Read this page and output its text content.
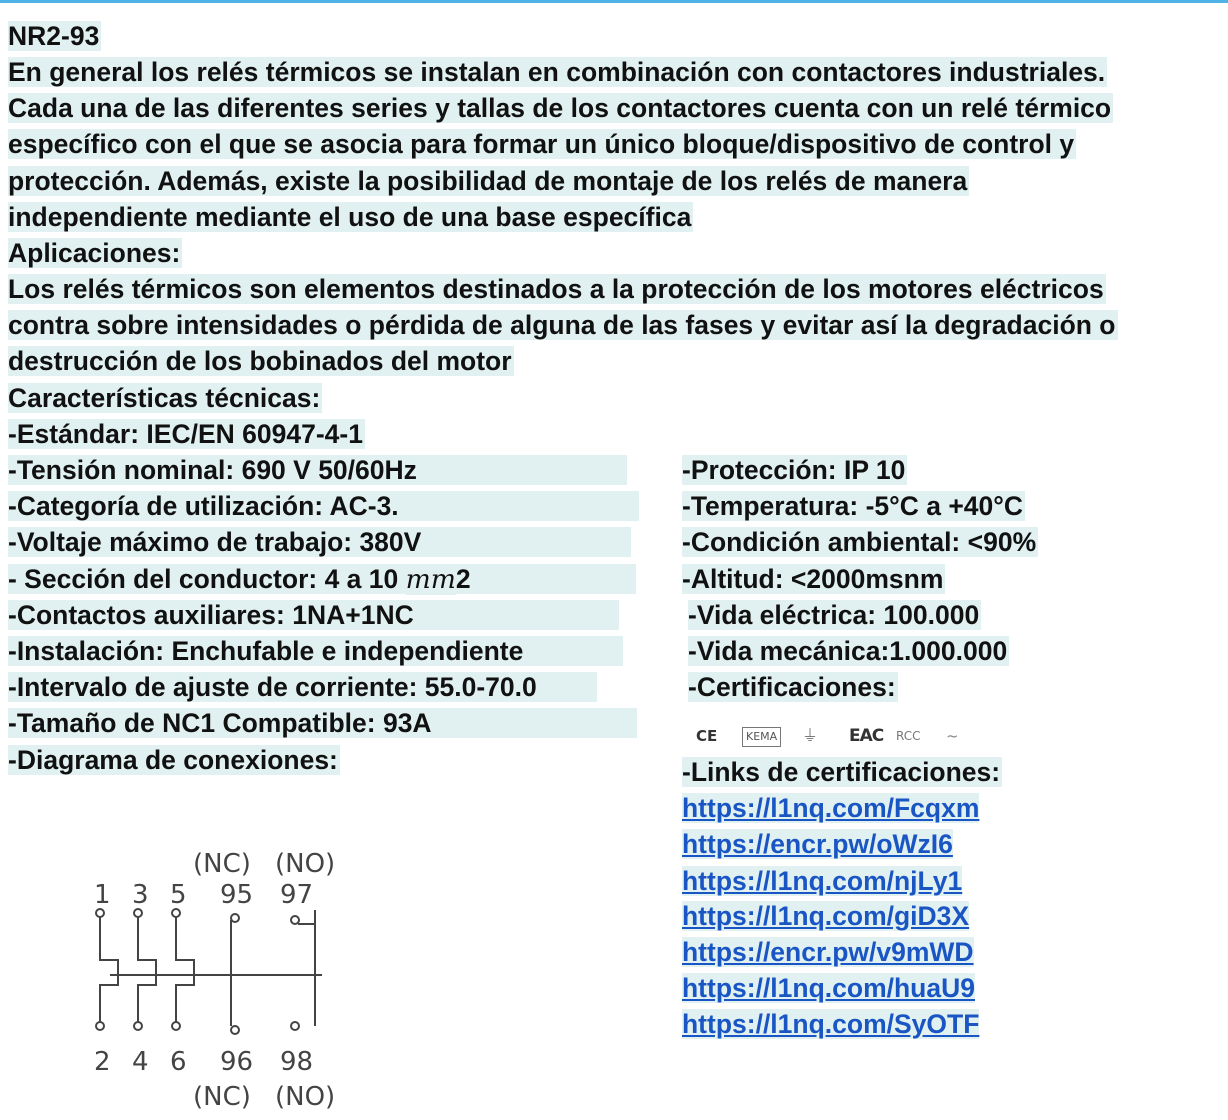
NR2-93
En general los relés térmicos se instalan en combinación con contactores industriales.
Cada una de las diferentes series y tallas de los contactores cuenta con un relé térmico
específico con el que se asocia para formar un único bloque/dispositivo de control y
protección. Además, existe la posibilidad de montaje de los relés de manera
independiente mediante el uso de una base específica
Aplicaciones:
Los relés térmicos son elementos destinados a la protección de los motores eléctricos
contra sobre intensidades o pérdida de alguna de las fases y evitar así la degradación o
destrucción de los bobinados del motor
Características técnicas:
-Estándar: IEC/EN 60947-4-1
-Tensión nominal: 690 V 50/60Hz
-Categoría de utilización: AC-3.
-Voltaje máximo de trabajo: 380V
- Sección del conductor: 4 a 10 mm2
-Contactos auxiliares: 1NA+1NC
-Instalación: Enchufable e independiente
-Intervalo de ajuste de corriente: 55.0-70.0
-Tamaño de NC1 Compatible: 93A
-Diagrama de conexiones:
-Protección: IP 10
-Temperatura: -5°C a +40°C
-Condición ambiental: <90%
-Altitud: <2000msnm
-Vida eléctrica: 100.000
-Vida mecánica:1.000.000
-Certificaciones:
CE	KEMA ⏚ EAC RCC ~
-Links de certificaciones:
https://l1nq.com/Fcqxm
https://encr.pw/oWzI6
https://l1nq.com/njLy1
https://l1nq.com/giD3X
https://encr.pw/v9mWD
https://l1nq.com/huaU9
https://l1nq.com/SyOTF
(NC) (NO)
1 3 5 95 97
2 4 6 96 98
(NC) (NO)
